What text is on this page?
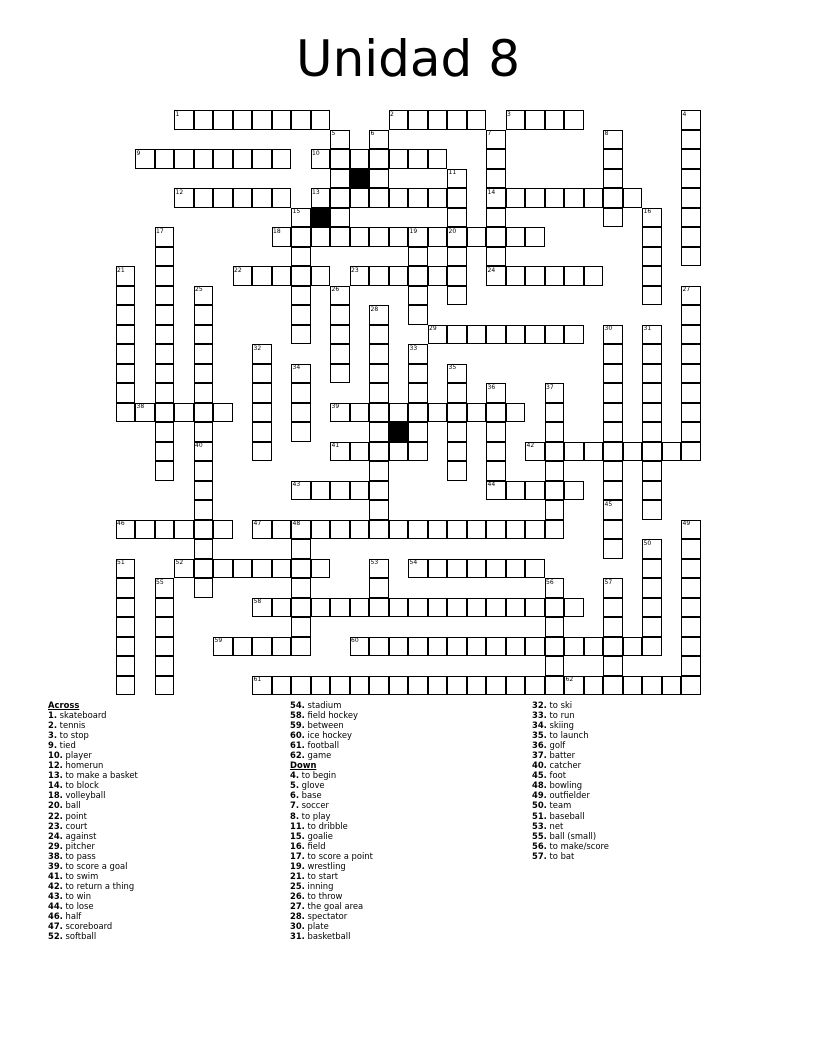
Unidad 8
1	2	3
9	10
12	13	14
18	20
22	23	24
29
38	39
41	42
43	44
46	47
52	54
58
59	60
61	62
4
5	6	7	8
11
15	16
17	19
21
25	26	27
28
30	31
32	33
34	35
36	37
40
45
48	49
50
51	53
55	56	57
Across
1. skateboard
2. tennis
3. to stop
9. tied
10. player
12. homerun
13. to make a basket
14. to block
18. volleyball
20. ball
22. point
23. court
24. against
29. pitcher
38. to pass
39. to score a goal
41. to swim
42. to return a thing
43. to win
44. to lose
46. half
47. scoreboard
52. softball
54. stadium
58. field hockey
59. between
60. ice hockey
61. football
62. game
Down
4. to begin
5. glove
6. base
7. soccer
8. to play
11. to dribble
15. goalie
16. field
17. to score a point
19. wrestling
21. to start
25. inning
26. to throw
27. the goal area
28. spectator
30. plate
31. basketball
32. to ski
33. to run
34. skiing
35. to launch
36. golf
37. batter
40. catcher
45. foot
48. bowling
49. outfielder
50. team
51. baseball
53. net
55. ball (small)
56. to make/score
57. to bat
